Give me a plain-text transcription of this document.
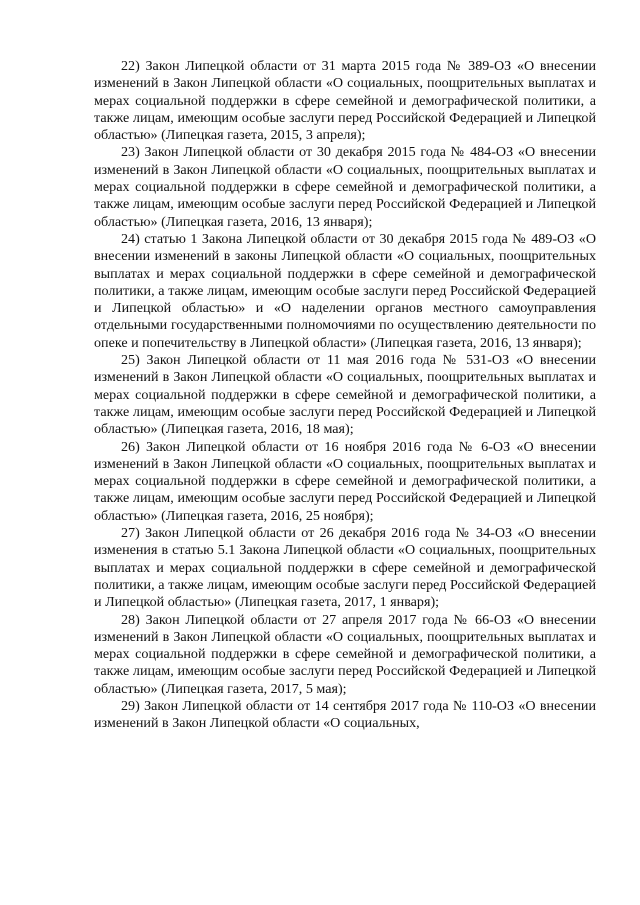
22) Закон Липецкой области от 31 марта 2015 года № 389-ОЗ «О внесении изменений в Закон Липецкой области «О социальных, поощрительных выплатах и мерах социальной поддержки в сфере семейной и демографической политики, а также лицам, имеющим особые заслуги перед Российской Федерацией и Липецкой областью» (Липецкая газета, 2015, 3 апреля);

23) Закон Липецкой области от 30 декабря 2015 года № 484-ОЗ «О внесении изменений в Закон Липецкой области «О социальных, поощрительных выплатах и мерах социальной поддержки в сфере семейной и демографической политики, а также лицам, имеющим особые заслуги перед Российской Федерацией и Липецкой областью» (Липецкая газета, 2016, 13 января);

24) статью 1 Закона Липецкой области от 30 декабря 2015 года № 489-ОЗ «О внесении изменений в законы Липецкой области «О социальных, поощрительных выплатах и мерах социальной поддержки в сфере семейной и демографической политики, а также лицам, имеющим особые заслуги перед Российской Федерацией и Липецкой областью» и «О наделении органов местного самоуправления отдельными государственными полномочиями по осуществлению деятельности по опеке и попечительству в Липецкой области» (Липецкая газета, 2016, 13 января);

25) Закон Липецкой области от 11 мая 2016 года № 531-ОЗ «О внесении изменений в Закон Липецкой области «О социальных, поощрительных выплатах и мерах социальной поддержки в сфере семейной и демографической политики, а также лицам, имеющим особые заслуги перед Российской Федерацией и Липецкой областью» (Липецкая газета, 2016, 18 мая);

26) Закон Липецкой области от 16 ноября 2016 года № 6-ОЗ «О внесении изменений в Закон Липецкой области «О социальных, поощрительных выплатах и мерах социальной поддержки в сфере семейной и демографической политики, а также лицам, имеющим особые заслуги перед Российской Федерацией и Липецкой областью» (Липецкая газета, 2016, 25 ноября);

27) Закон Липецкой области от 26 декабря 2016 года № 34-ОЗ «О внесении изменения в статью 5.1 Закона Липецкой области «О социальных, поощрительных выплатах и мерах социальной поддержки в сфере семейной и демографической политики, а также лицам, имеющим особые заслуги перед Российской Федерацией и Липецкой областью» (Липецкая газета, 2017, 1 января);

28) Закон Липецкой области от 27 апреля 2017 года № 66-ОЗ «О внесении изменений в Закон Липецкой области «О социальных, поощрительных выплатах и мерах социальной поддержки в сфере семейной и демографической политики, а также лицам, имеющим особые заслуги перед Российской Федерацией и Липецкой областью» (Липецкая газета, 2017, 5 мая);

29) Закон Липецкой области от 14 сентября 2017 года № 110-ОЗ «О внесении изменений в Закон Липецкой области «О социальных,
